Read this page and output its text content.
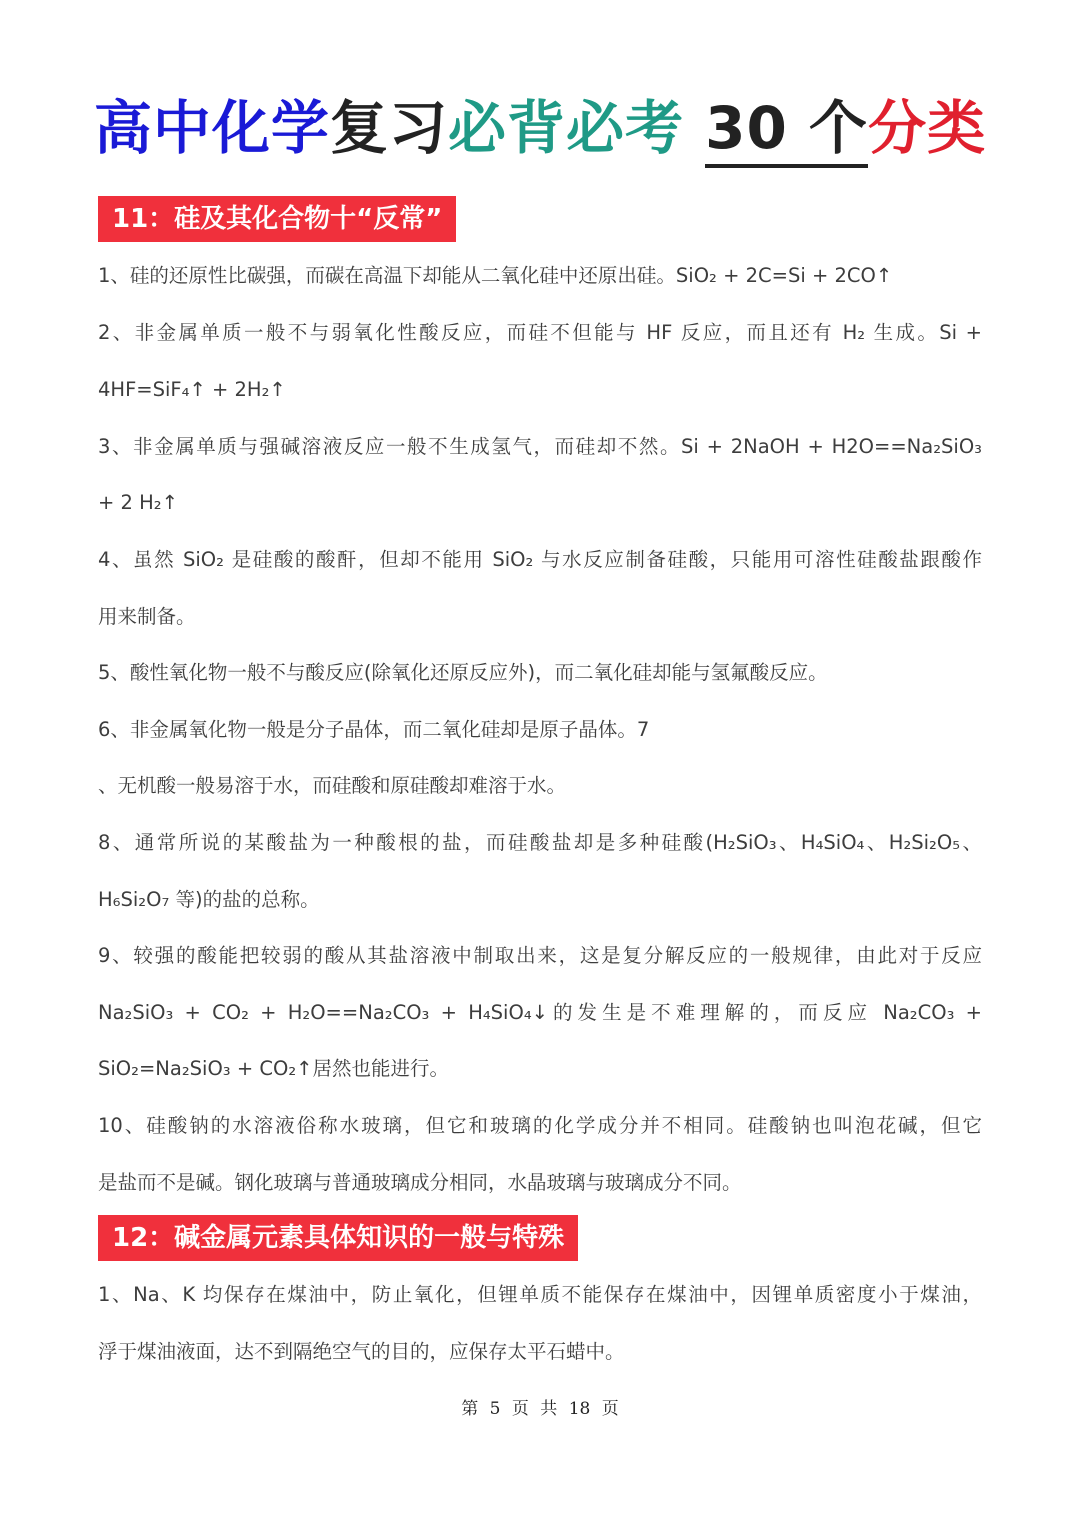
高中化学复习必背必考 30 个分类
11：硅及其化合物十“反常”
1、硅的还原性比碳强，而碳在高温下却能从二氧化硅中还原出硅。SiO₂ + 2C=Si + 2CO↑
2、非金属单质一般不与弱氧化性酸反应，而硅不但能与 HF 反应，而且还有 H₂ 生成。Si +
4HF=SiF₄↑ + 2H₂↑
3、非金属单质与强碱溶液反应一般不生成氢气，而硅却不然。Si + 2NaOH + H2O==Na₂SiO₃
+ 2 H₂↑
4、虽然 SiO₂ 是硅酸的酸酐，但却不能用 SiO₂ 与水反应制备硅酸，只能用可溶性硅酸盐跟酸作
用来制备。
5、酸性氧化物一般不与酸反应(除氧化还原反应外)，而二氧化硅却能与氢氟酸反应。
6、非金属氧化物一般是分子晶体，而二氧化硅却是原子晶体。7
、无机酸一般易溶于水，而硅酸和原硅酸却难溶于水。
8、通常所说的某酸盐为一种酸根的盐，而硅酸盐却是多种硅酸(H₂SiO₃、H₄SiO₄、H₂Si₂O₅、
H₆Si₂O₇ 等)的盐的总称。
9、较强的酸能把较弱的酸从其盐溶液中制取出来，这是复分解反应的一般规律，由此对于反应
Na₂SiO₃ + CO₂ + H₂O==Na₂CO₃ + H₄SiO₄↓的发生是不难理解的，而反应 Na₂CO₃ +
SiO₂=Na₂SiO₃ + CO₂↑居然也能进行。
10、硅酸钠的水溶液俗称水玻璃，但它和玻璃的化学成分并不相同。硅酸钠也叫泡花碱，但它
是盐而不是碱。钢化玻璃与普通玻璃成分相同，水晶玻璃与玻璃成分不同。
12：碱金属元素具体知识的一般与特殊
1、Na、K 均保存在煤油中，防止氧化，但锂单质不能保存在煤油中，因锂单质密度小于煤油，
浮于煤油液面，达不到隔绝空气的目的，应保存太平石蜡中。
第 5 页 共 18 页
